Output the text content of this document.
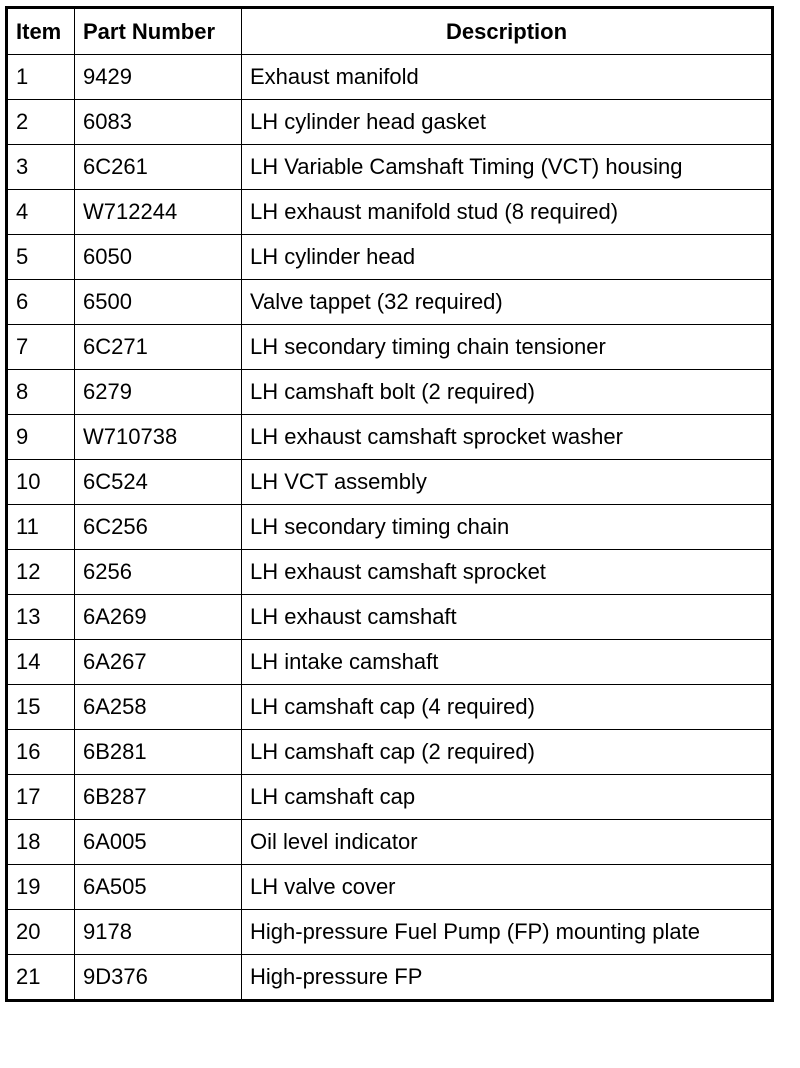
Item	Part Number	Description
1	9429	Exhaust manifold
2	6083	LH cylinder head gasket
3	6C261	LH Variable Camshaft Timing (VCT) housing
4	W712244	LH exhaust manifold stud (8 required)
5	6050	LH cylinder head
6	6500	Valve tappet (32 required)
7	6C271	LH secondary timing chain tensioner
8	6279	LH camshaft bolt (2 required)
9	W710738	LH exhaust camshaft sprocket washer
10	6C524	LH VCT assembly
11	6C256	LH secondary timing chain
12	6256	LH exhaust camshaft sprocket
13	6A269	LH exhaust camshaft
14	6A267	LH intake camshaft
15	6A258	LH camshaft cap (4 required)
16	6B281	LH camshaft cap (2 required)
17	6B287	LH camshaft cap
18	6A005	Oil level indicator
19	6A505	LH valve cover
20	9178	High-pressure Fuel Pump (FP) mounting plate
21	9D376	High-pressure FP
